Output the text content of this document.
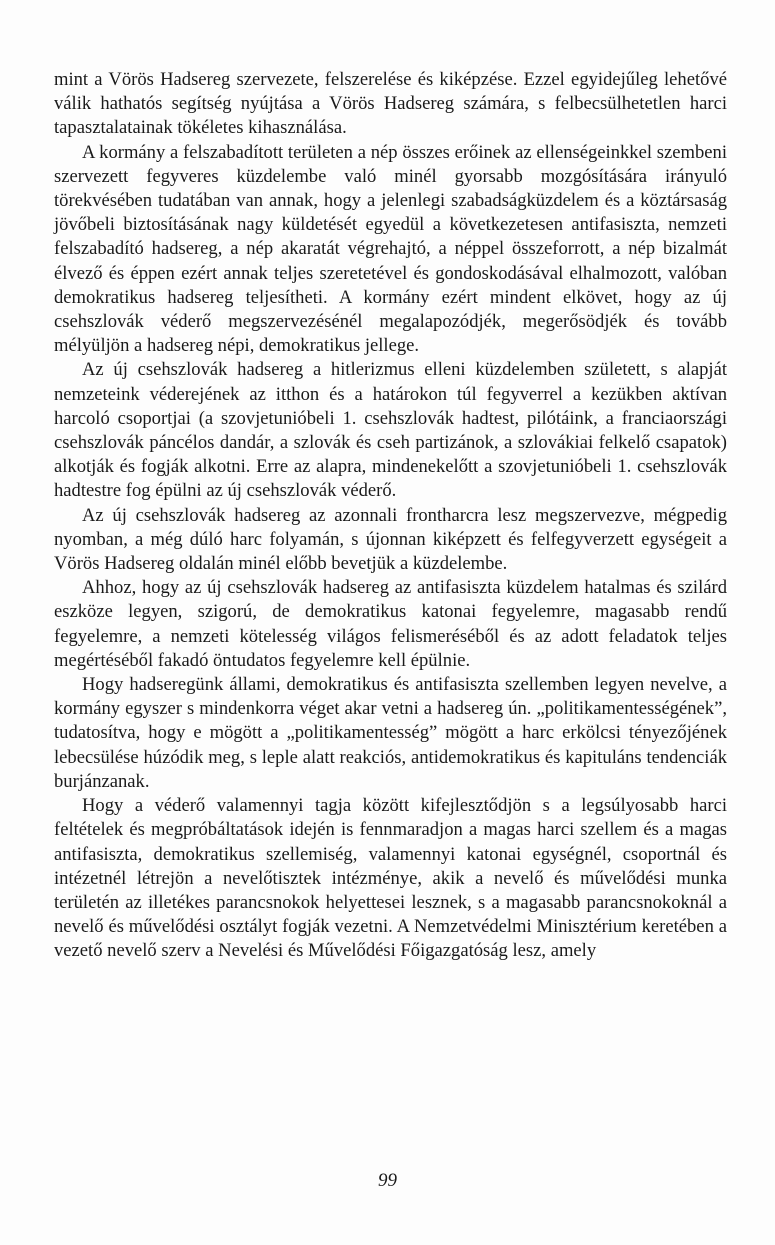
mint a Vörös Hadsereg szervezete, felszerelése és kiképzése. Ezzel egyidejűleg lehetővé válik hathatós segítség nyújtása a Vörös Hadsereg számára, s felbecsülhetetlen harci tapasztalatainak tökéletes kihasználása.

A kormány a felszabadított területen a nép összes erőinek az ellenségeinkkel szembeni szervezett fegyveres küzdelembe való minél gyorsabb mozgósítására irányuló törekvésében tudatában van annak, hogy a jelenlegi szabadságküzdelem és a köztársaság jövőbeli biztosításának nagy küldetését egyedül a következetesen antifasiszta, nemzeti felszabadító hadsereg, a nép akaratát végrehajtó, a néppel összeforrott, a nép bizalmát élvező és éppen ezért annak teljes szeretetével és gondoskodásával elhalmozott, valóban demokratikus hadsereg teljesítheti. A kormány ezért mindent elkövet, hogy az új csehszlovák véderő megszervezésénél megalapozódjék, megerősödjék és tovább mélyüljön a hadsereg népi, demokratikus jellege.

Az új csehszlovák hadsereg a hitlerizmus elleni küzdelemben született, s alapját nemzeteink véderejének az itthon és a határokon túl fegyverrel a kezükben aktívan harcoló csoportjai (a szovjetunióbeli 1. csehszlovák hadtest, pilótáink, a franciaországi csehszlovák páncélos dandár, a szlovák és cseh partizánok, a szlovákiai felkelő csapatok) alkotják és fogják alkotni. Erre az alapra, mindenekelőtt a szovjetunióbeli 1. csehszlovák hadtestre fog épülni az új csehszlovák véderő.

Az új csehszlovák hadsereg az azonnali frontharcra lesz megszervezve, mégpedig nyomban, a még dúló harc folyamán, s újonnan kiképzett és felfegyverzett egységeit a Vörös Hadsereg oldalán minél előbb bevetjük a küzdelembe.

Ahhoz, hogy az új csehszlovák hadsereg az antifasiszta küzdelem hatalmas és szilárd eszköze legyen, szigorú, de demokratikus katonai fegyelemre, magasabb rendű fegyelemre, a nemzeti kötelesség világos felismeréséből és az adott feladatok teljes megértéséből fakadó öntudatos fegyelemre kell épülnie.

Hogy hadseregünk állami, demokratikus és antifasiszta szellemben legyen nevelve, a kormány egyszer s mindenkorra véget akar vetni a hadsereg ún. „politikamentességének”, tudatosítva, hogy e mögött a „politikamentesség” mögött a harc erkölcsi tényezőjének lebecsülése húzódik meg, s leple alatt reakciós, antidemokratikus és kapituláns tendenciák burjánzanak.

Hogy a véderő valamennyi tagja között kifejlesztődjön s a legsúlyosabb harci feltételek és megpróbáltatások idején is fennmaradjon a magas harci szellem és a magas antifasiszta, demokratikus szellemiség, valamennyi katonai egységnél, csoportnál és intézetnél létrejön a nevelőtisztek intézménye, akik a nevelő és művelődési munka területén az illetékes parancsnokok helyettesei lesznek, s a magasabb parancsnokoknál a nevelő és művelődési osztályt fogják vezetni. A Nemzetvédelmi Minisztérium keretében a vezető nevelő szerv a Nevelési és Művelődési Főigazgatóság lesz, amely

99
